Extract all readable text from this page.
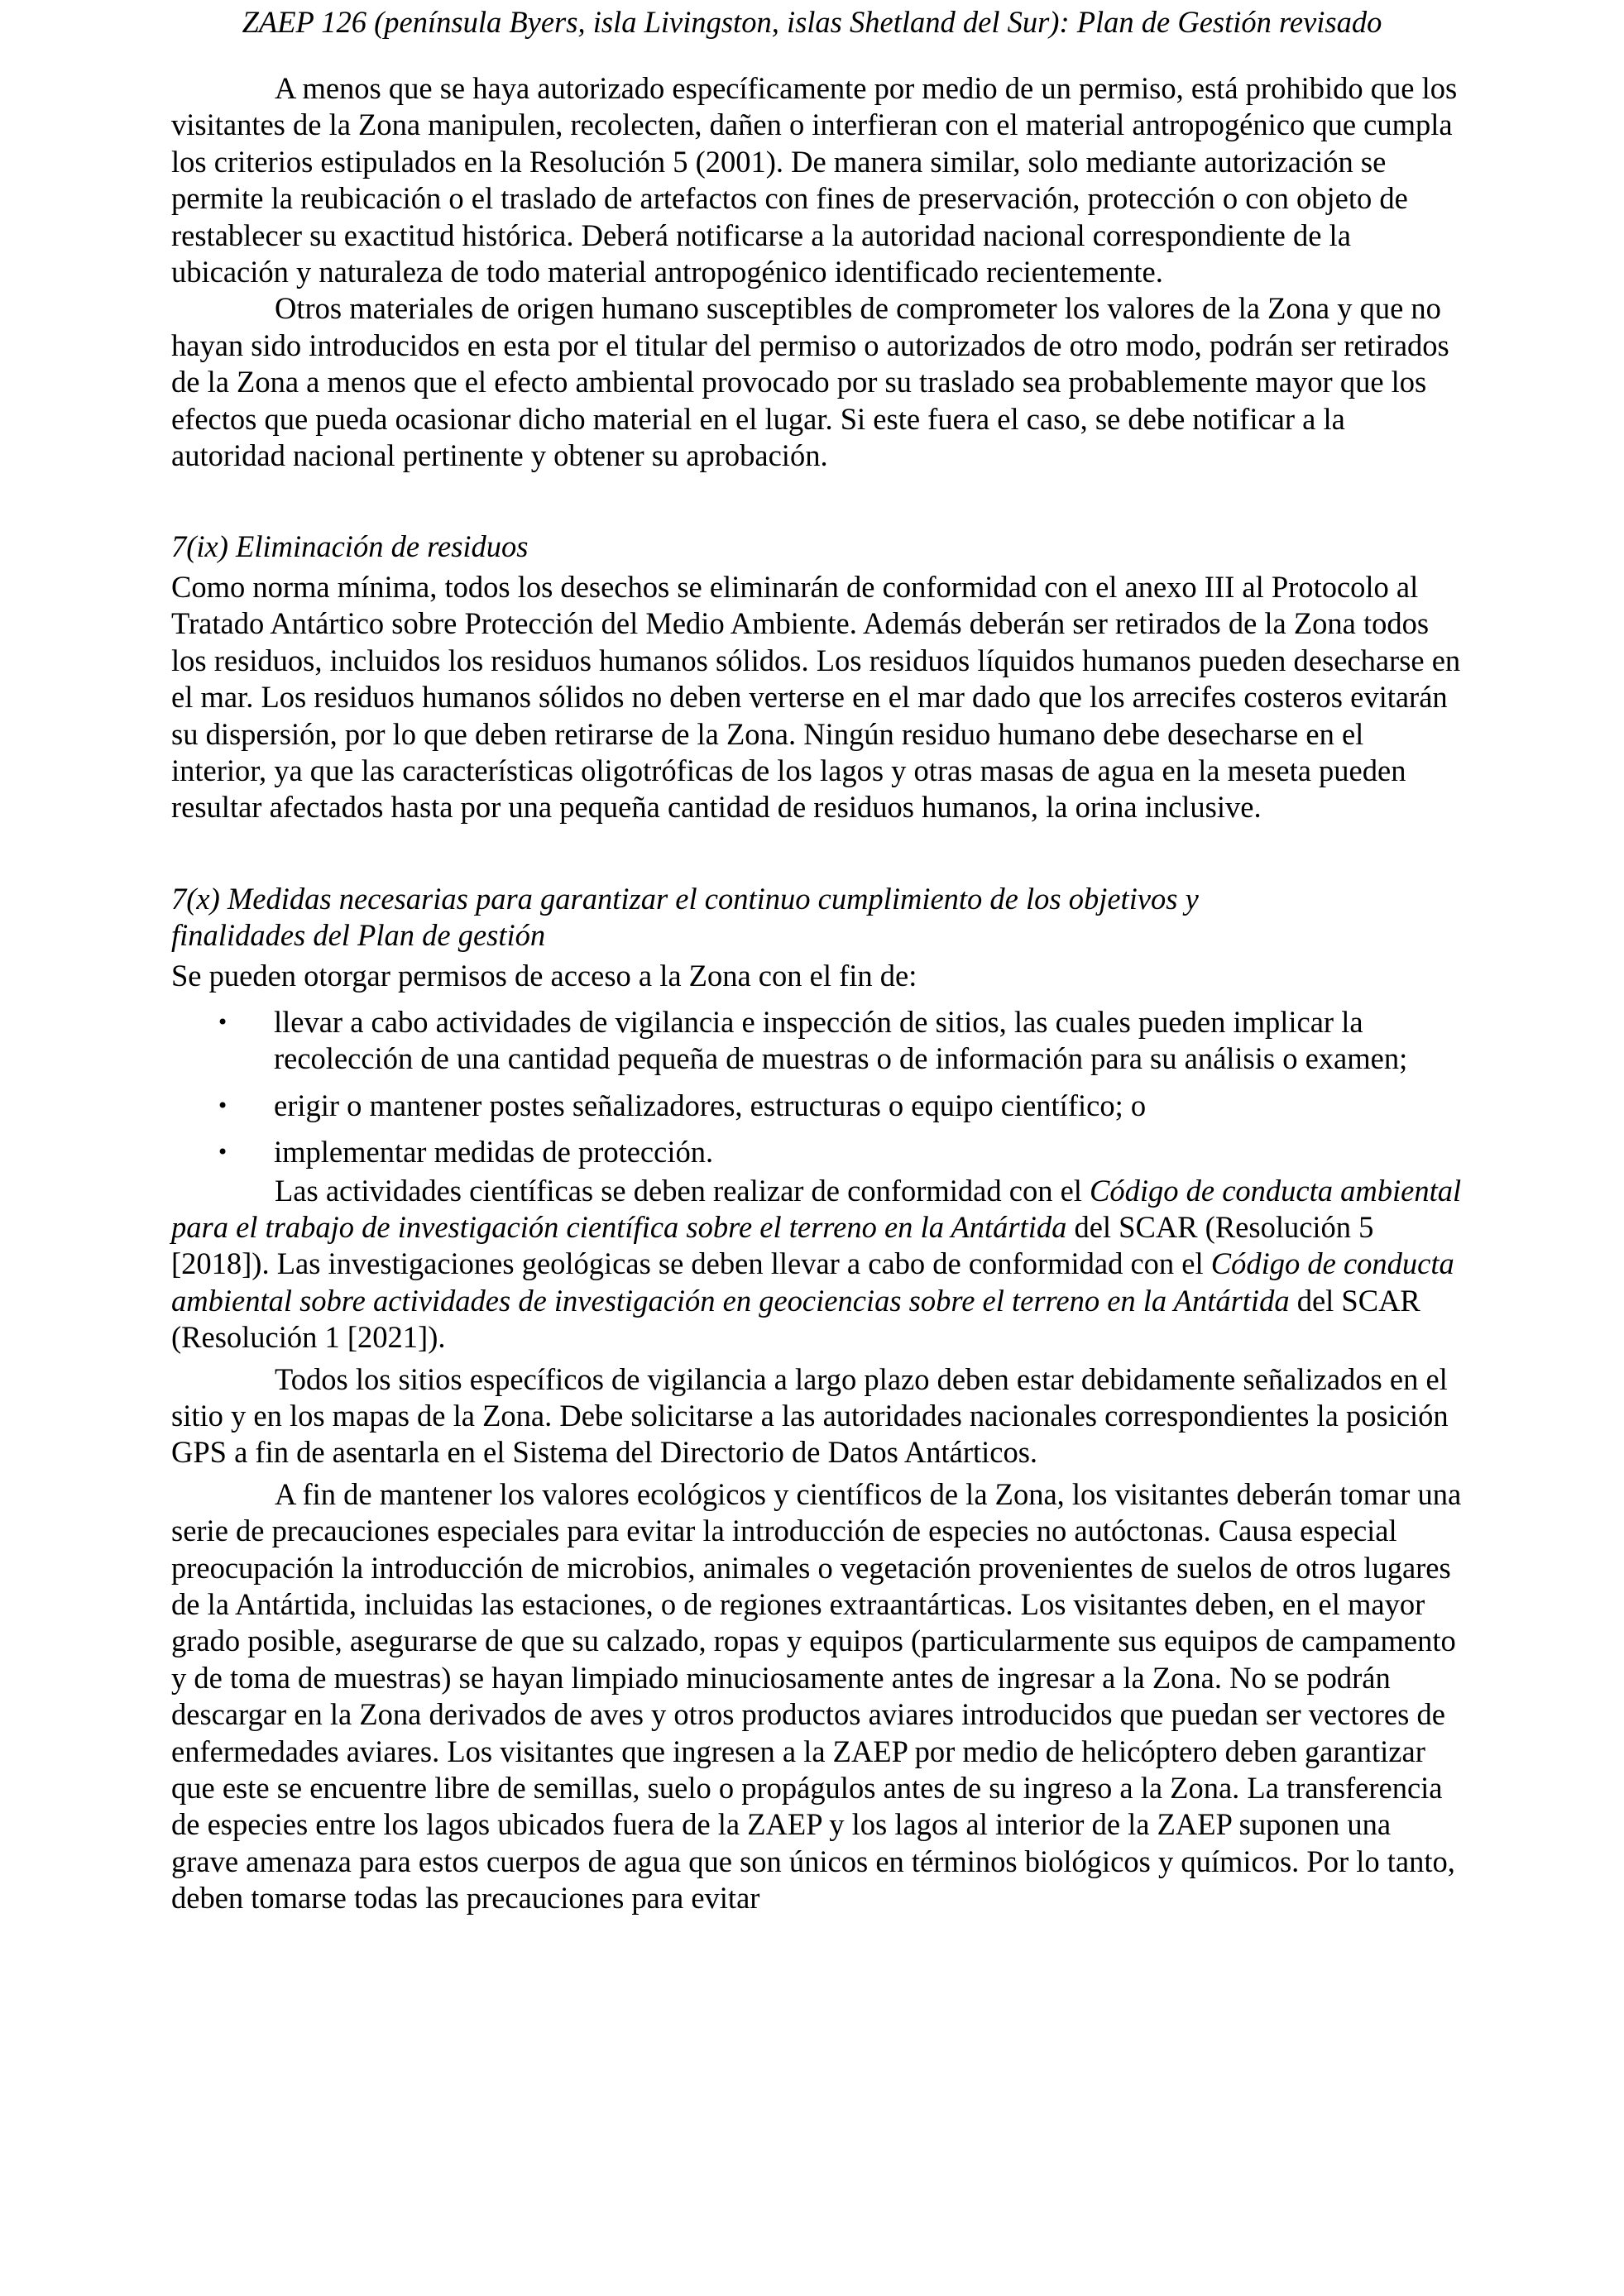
ZAEP 126 (península Byers, isla Livingston, islas Shetland del Sur): Plan de Gestión revisado

A menos que se haya autorizado específicamente por medio de un permiso, está prohibido que los visitantes de la Zona manipulen, recolecten, dañen o interfieran con el material antropogénico que cumpla los criterios estipulados en la Resolución 5 (2001). De manera similar, solo mediante autorización se permite la reubicación o el traslado de artefactos con fines de preservación, protección o con objeto de restablecer su exactitud histórica. Deberá notificarse a la autoridad nacional correspondiente de la ubicación y naturaleza de todo material antropogénico identificado recientemente.

Otros materiales de origen humano susceptibles de comprometer los valores de la Zona y que no hayan sido introducidos en esta por el titular del permiso o autorizados de otro modo, podrán ser retirados de la Zona a menos que el efecto ambiental provocado por su traslado sea probablemente mayor que los efectos que pueda ocasionar dicho material en el lugar. Si este fuera el caso, se debe notificar a la autoridad nacional pertinente y obtener su aprobación.

7(ix) Eliminación de residuos

Como norma mínima, todos los desechos se eliminarán de conformidad con el anexo III al Protocolo al Tratado Antártico sobre Protección del Medio Ambiente. Además deberán ser retirados de la Zona todos los residuos, incluidos los residuos humanos sólidos. Los residuos líquidos humanos pueden desecharse en el mar. Los residuos humanos sólidos no deben verterse en el mar dado que los arrecifes costeros evitarán su dispersión, por lo que deben retirarse de la Zona. Ningún residuo humano debe desecharse en el interior, ya que las características oligotróficas de los lagos y otras masas de agua en la meseta pueden resultar afectados hasta por una pequeña cantidad de residuos humanos, la orina inclusive.

7(x) Medidas necesarias para garantizar el continuo cumplimiento de los objetivos y
finalidades del Plan de gestión

Se pueden otorgar permisos de acceso a la Zona con el fin de:

• llevar a cabo actividades de vigilancia e inspección de sitios, las cuales pueden implicar la recolección de una cantidad pequeña de muestras o de información para su análisis o examen;
• erigir o mantener postes señalizadores, estructuras o equipo científico; o
• implementar medidas de protección.

Las actividades científicas se deben realizar de conformidad con el Código de conducta ambiental para el trabajo de investigación científica sobre el terreno en la Antártida del SCAR (Resolución 5 [2018]). Las investigaciones geológicas se deben llevar a cabo de conformidad con el Código de conducta ambiental sobre actividades de investigación en geociencias sobre el terreno en la Antártida del SCAR (Resolución 1 [2021]).

Todos los sitios específicos de vigilancia a largo plazo deben estar debidamente señalizados en el sitio y en los mapas de la Zona. Debe solicitarse a las autoridades nacionales correspondientes la posición GPS a fin de asentarla en el Sistema del Directorio de Datos Antárticos.

A fin de mantener los valores ecológicos y científicos de la Zona, los visitantes deberán tomar una serie de precauciones especiales para evitar la introducción de especies no autóctonas. Causa especial preocupación la introducción de microbios, animales o vegetación provenientes de suelos de otros lugares de la Antártida, incluidas las estaciones, o de regiones extraantárticas. Los visitantes deben, en el mayor grado posible, asegurarse de que su calzado, ropas y equipos (particularmente sus equipos de campamento y de toma de muestras) se hayan limpiado minuciosamente antes de ingresar a la Zona. No se podrán descargar en la Zona derivados de aves y otros productos aviares introducidos que puedan ser vectores de enfermedades aviares. Los visitantes que ingresen a la ZAEP por medio de helicóptero deben garantizar que este se encuentre libre de semillas, suelo o propágulos antes de su ingreso a la Zona. La transferencia de especies entre los lagos ubicados fuera de la ZAEP y los lagos al interior de la ZAEP suponen una grave amenaza para estos cuerpos de agua que son únicos en términos biológicos y químicos. Por lo tanto, deben tomarse todas las precauciones para evitar
